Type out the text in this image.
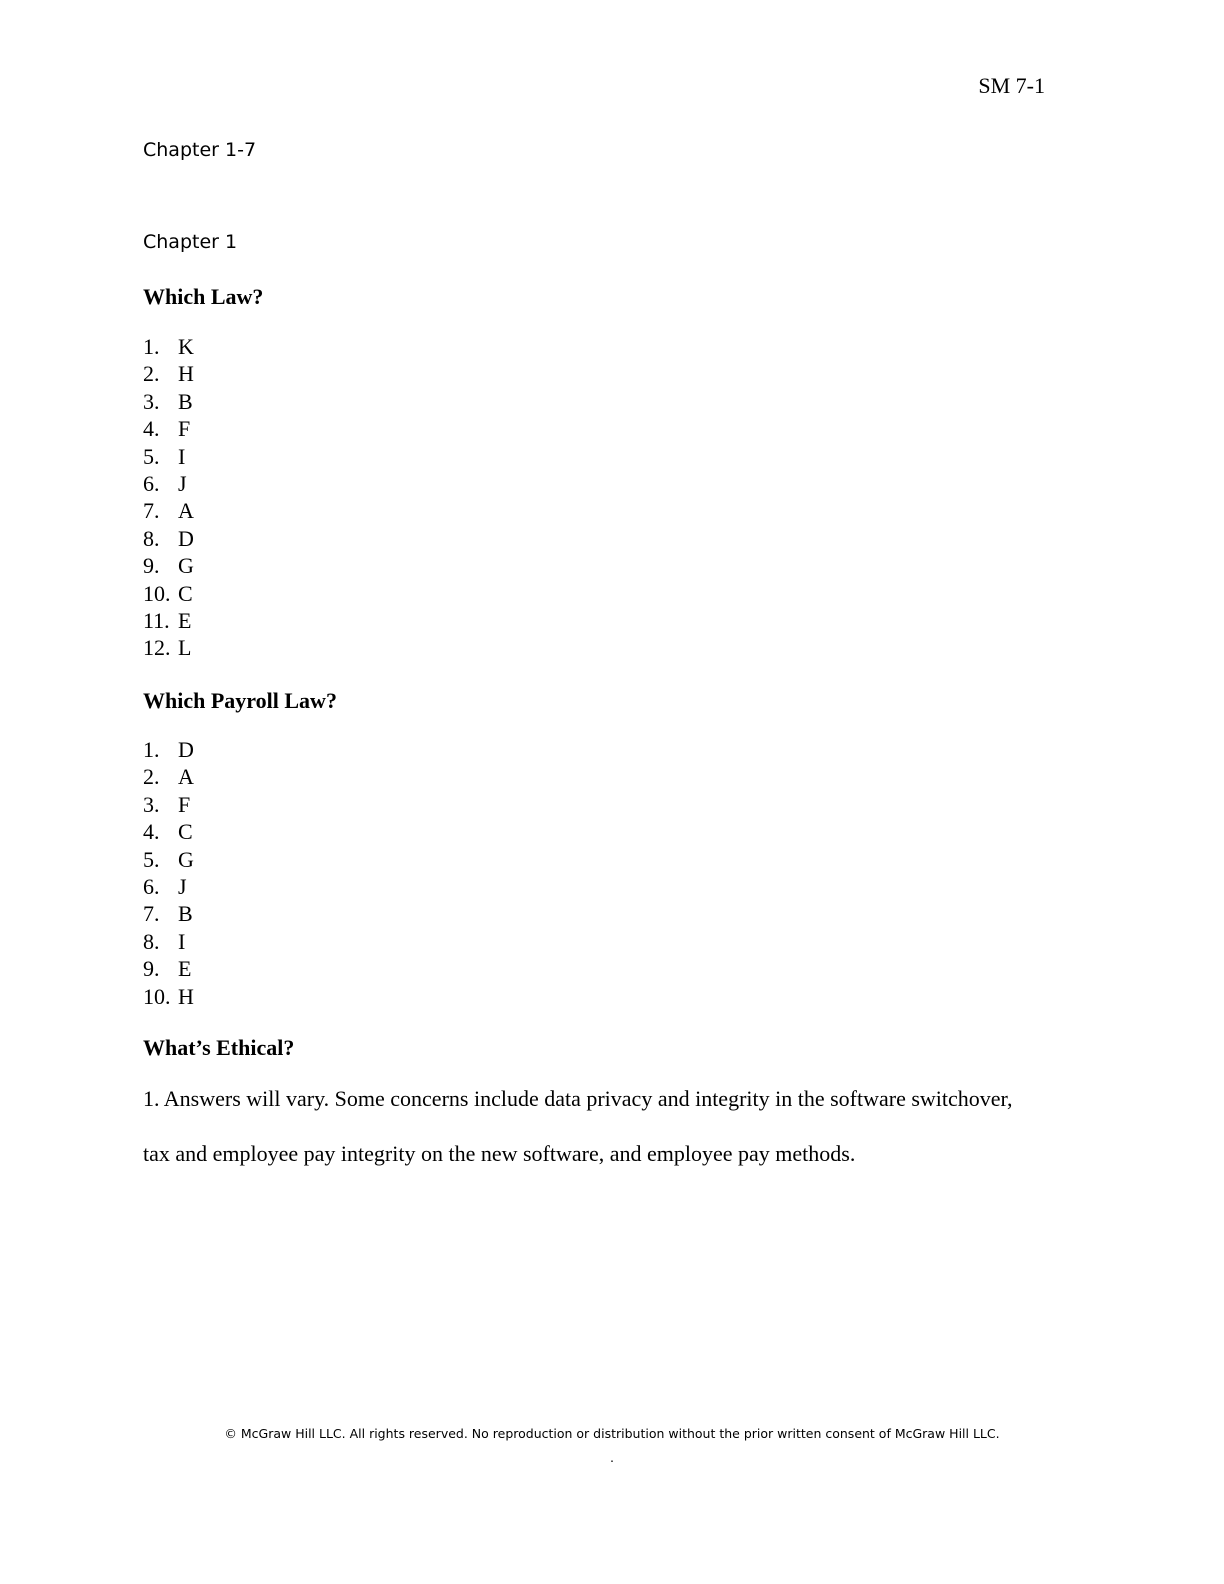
SM 7-1
Chapter 1-7
Chapter 1
Which Law?
1. K
2. H
3. B
4. F
5. I
6. J
7. A
8. D
9. G
10. C
11. E
12. L
Which Payroll Law?
1. D
2. A
3. F
4. C
5. G
6. J
7. B
8. I
9. E
10. H
What’s Ethical?

1. Answers will vary. Some concerns include data privacy and integrity in the software switchover, tax and employee pay integrity on the new software, and employee pay methods.

© McGraw Hill LLC. All rights reserved. No reproduction or distribution without the prior written consent of McGraw Hill LLC.
.
